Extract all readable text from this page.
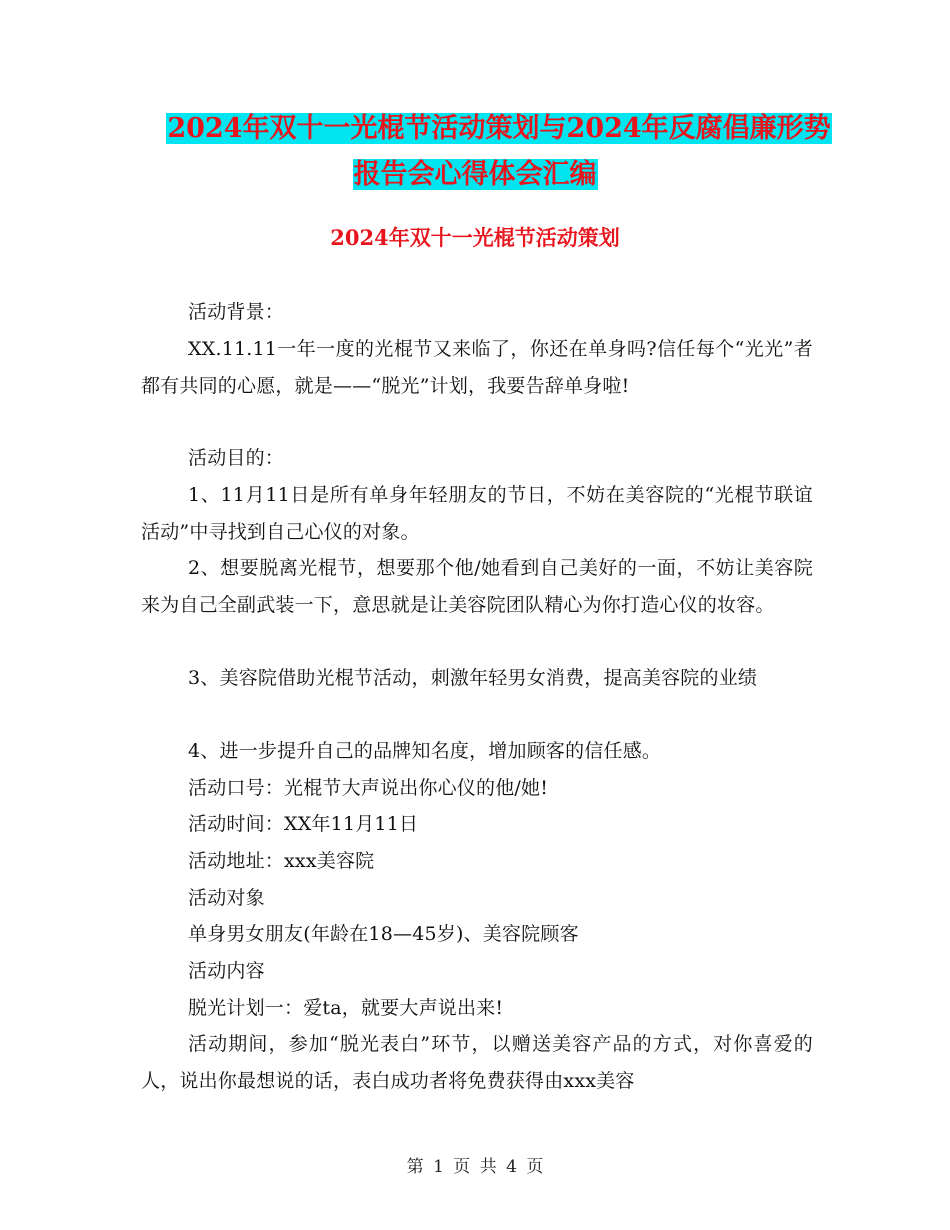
2024年双十一光棍节活动策划与2024年反腐倡廉形势
报告会心得体会汇编
2024年双十一光棍节活动策划

活动背景：

XX.11.11一年一度的光棍节又来临了，你还在单身吗?信任每个“光光”者都有共同的心愿，就是——“脱光”计划，我要告辞单身啦!

活动目的：

1、11月11日是所有单身年轻朋友的节日，不妨在美容院的“光棍节联谊活动”中寻找到自己心仪的对象。

2、想要脱离光棍节，想要那个他/她看到自己美好的一面，不妨让美容院来为自己全副武装一下，意思就是让美容院团队精心为你打造心仪的妆容。

3、美容院借助光棍节活动，刺激年轻男女消费，提高美容院的业绩

4、进一步提升自己的品牌知名度，增加顾客的信任感。

活动口号：光棍节大声说出你心仪的他/她!

活动时间：XX年11月11日

活动地址：xxx美容院

活动对象

单身男女朋友(年龄在18—45岁)、美容院顾客

活动内容

脱光计划一：爱ta，就要大声说出来!

活动期间，参加“脱光表白”环节，以赠送美容产品的方式，对你喜爱的人，说出你最想说的话，表白成功者将免费获得由xxx美容

第 1 页 共 4 页
